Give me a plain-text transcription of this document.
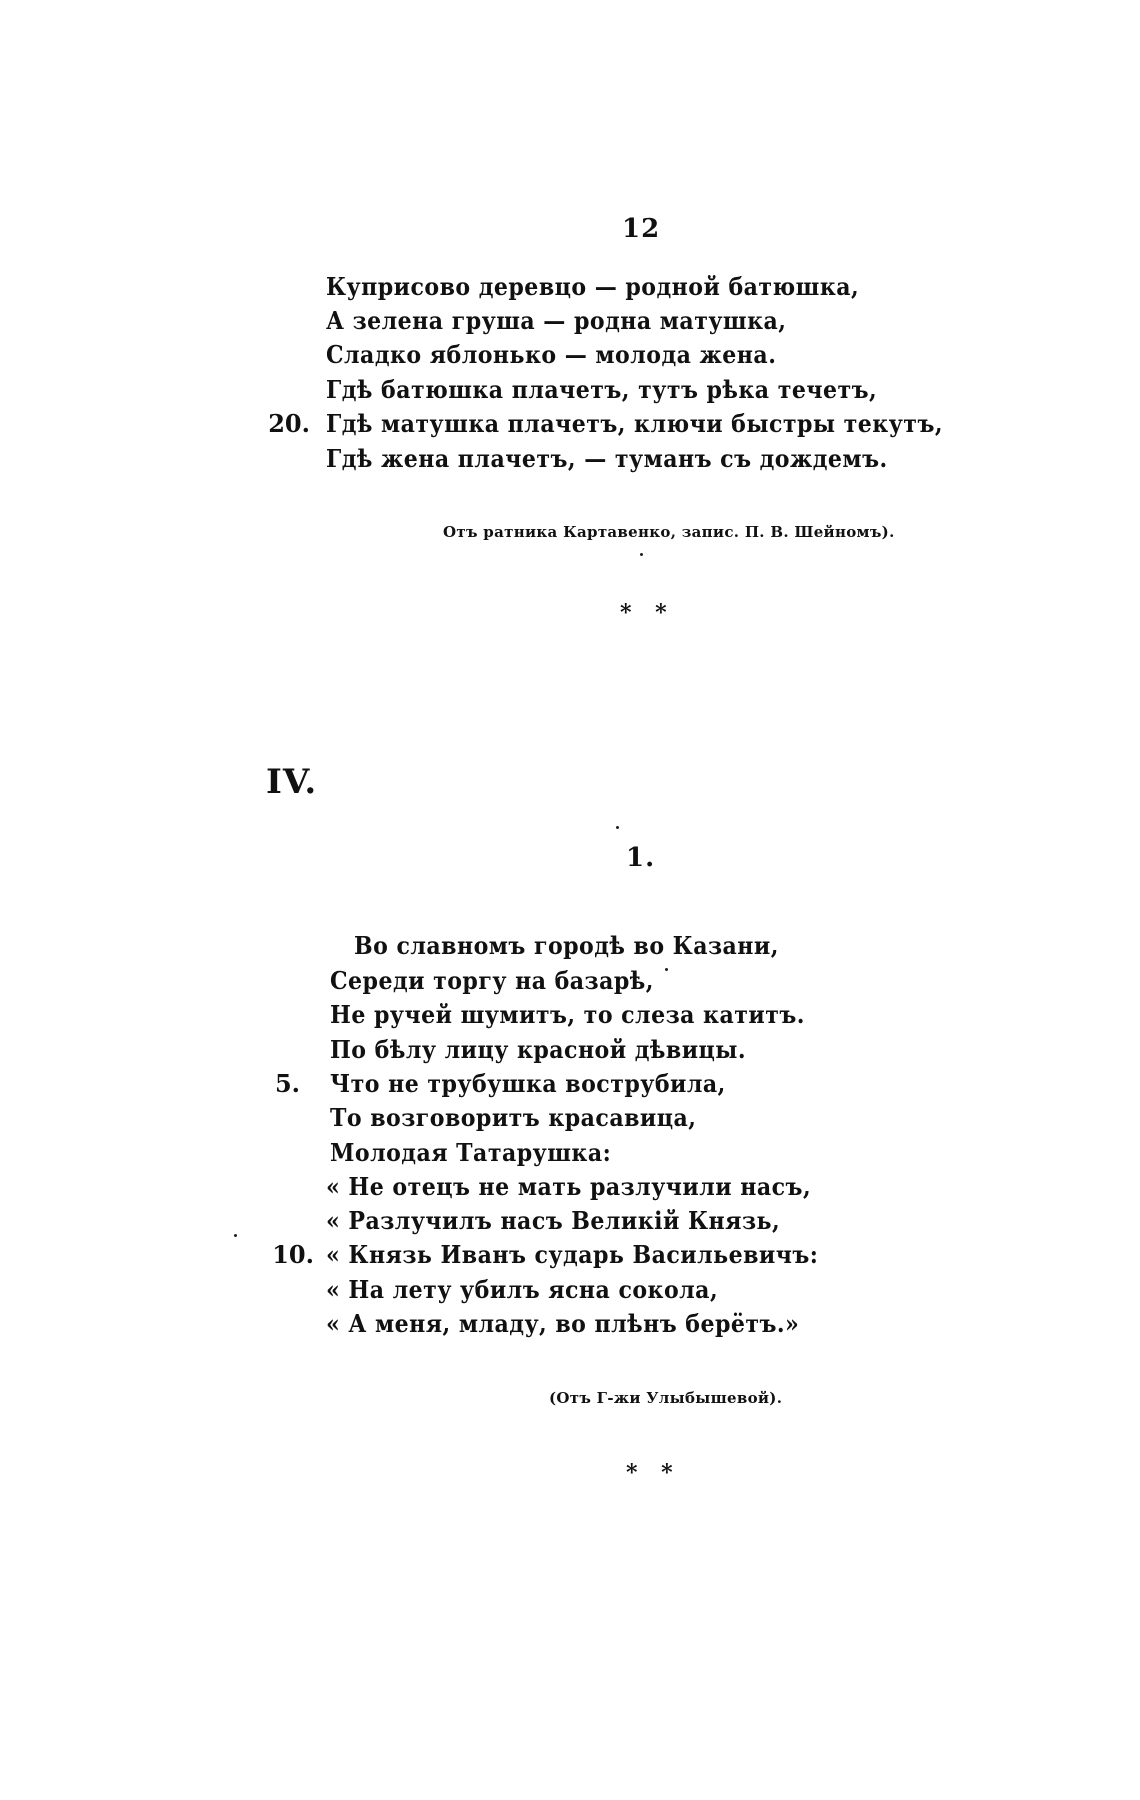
12
Куприсово деревцо — родной батюшка,
А зелена груша — родна матушка,
Сладко яблонько — молода жена.
Гдѣ батюшка плачетъ, тутъ рѣка течетъ,
20. Гдѣ матушка плачетъ, ключи быстры текутъ,
Гдѣ жена плачетъ, — туманъ съ дождемъ.
Отъ ратника Картавенко, запис. П. В. Шейномъ).
* *
IV.
1.
Во славномъ городѣ во Казани,
Середи торгу на базарѣ,
Не ручей шумитъ, то слеза катитъ.
По бѣлу лицу красной дѣвицы.
5. Что не трубушка вострубила,
То возговоритъ красавица,
Молодая Татарушка:
« Не отецъ не мать разлучили насъ,
« Разлучилъ насъ Великій Князь,
10. « Князь Иванъ сударь Васильевичъ:
« На лету убилъ ясна сокола,
« А меня, младу, во плѣнъ берётъ.»
(Отъ Г-жи Улыбышевой).
* *
